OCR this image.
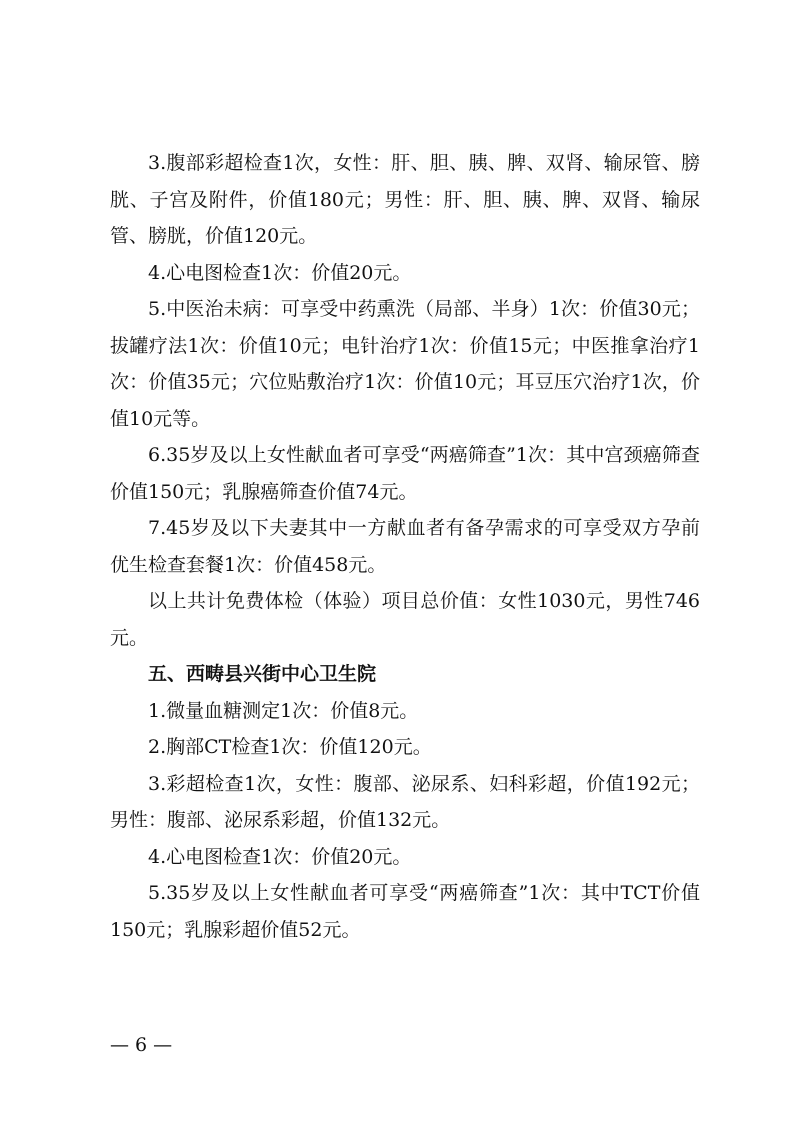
3.腹部彩超检查1次，女性：肝、胆、胰、脾、双肾、输尿管、膀胱、子宫及附件，价值180元；男性：肝、胆、胰、脾、双肾、输尿管、膀胱，价值120元。

4.心电图检查1次：价值20元。

5.中医治未病：可享受中药熏洗（局部、半身）1次：价值30元；拔罐疗法1次：价值10元；电针治疗1次：价值15元；中医推拿治疗1次：价值35元；穴位贴敷治疗1次：价值10元；耳豆压穴治疗1次，价值10元等。

6.35岁及以上女性献血者可享受“两癌筛查”1次：其中宫颈癌筛查价值150元；乳腺癌筛查价值74元。

7.45岁及以下夫妻其中一方献血者有备孕需求的可享受双方孕前优生检查套餐1次：价值458元。

以上共计免费体检（体验）项目总价值：女性1030元，男性746元。

五、西畴县兴街中心卫生院

1.微量血糖测定1次：价值8元。

2.胸部CT检查1次：价值120元。

3.彩超检查1次，女性：腹部、泌尿系、妇科彩超，价值192元；男性：腹部、泌尿系彩超，价值132元。

4.心电图检查1次：价值20元。

5.35岁及以上女性献血者可享受“两癌筛查”1次：其中TCT价值150元；乳腺彩超价值52元。

— 6 —
